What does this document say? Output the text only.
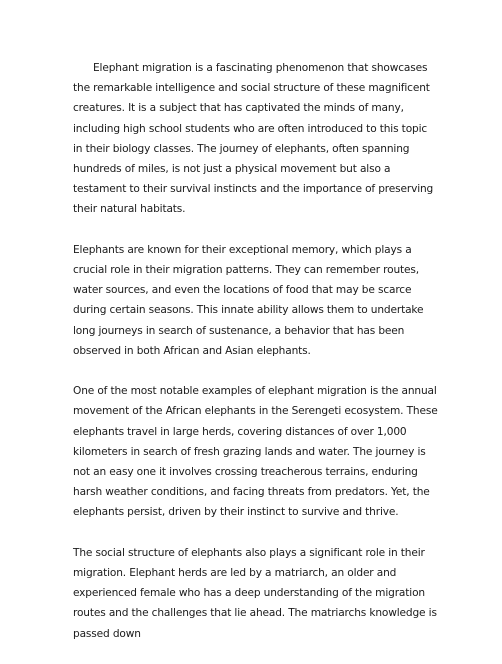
Elephant migration is a fascinating phenomenon that showcases the remarkable intelligence and social structure of these magnificent creatures. It is a subject that has captivated the minds of many, including high school students who are often introduced to this topic in their biology classes. The journey of elephants, often spanning hundreds of miles, is not just a physical movement but also a testament to their survival instincts and the importance of preserving their natural habitats.

Elephants are known for their exceptional memory, which plays a crucial role in their migration patterns. They can remember routes, water sources, and even the locations of food that may be scarce during certain seasons. This innate ability allows them to undertake long journeys in search of sustenance, a behavior that has been observed in both African and Asian elephants.

One of the most notable examples of elephant migration is the annual movement of the African elephants in the Serengeti ecosystem. These elephants travel in large herds, covering distances of over 1,000 kilometers in search of fresh grazing lands and water. The journey is not an easy one it involves crossing treacherous terrains, enduring harsh weather conditions, and facing threats from predators. Yet, the elephants persist, driven by their instinct to survive and thrive.

The social structure of elephants also plays a significant role in their migration. Elephant herds are led by a matriarch, an older and experienced female who has a deep understanding of the migration routes and the challenges that lie ahead. The matriarchs knowledge is passed down
